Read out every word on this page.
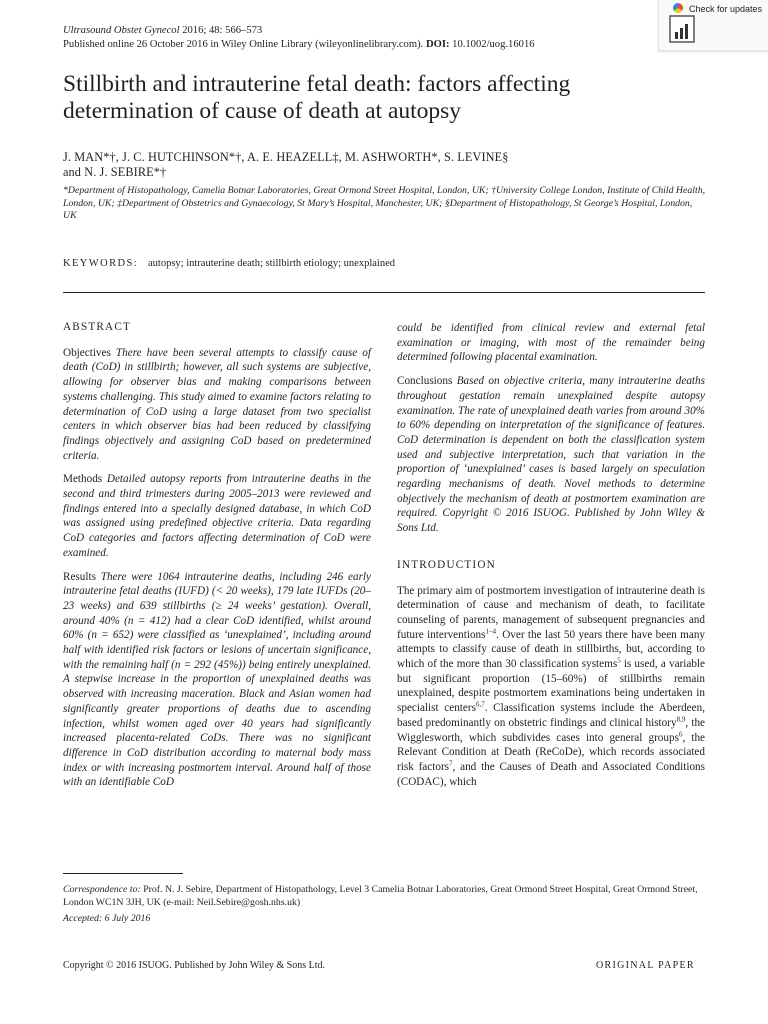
Ultrasound Obstet Gynecol 2016; 48: 566–573
Published online 26 October 2016 in Wiley Online Library (wileyonlinelibrary.com). DOI: 10.1002/uog.16016
Check for updates
Stillbirth and intrauterine fetal death: factors affecting
determination of cause of death at autopsy
J. MAN*†, J. C. HUTCHINSON*†, A. E. HEAZELL‡, M. ASHWORTH*, S. LEVINE§
and N. J. SEBIRE*†
*Department of Histopathology, Camelia Botnar Laboratories, Great Ormond Street Hospital, London, UK; †University College London, Institute of Child Health, London, UK; ‡Department of Obstetrics and Gynaecology, St Mary’s Hospital, Manchester, UK; §Department of Histopathology, St George’s Hospital, London, UK
KEYWORDS: autopsy; intrauterine death; stillbirth etiology; unexplained
ABSTRACT

Objectives There have been several attempts to classify cause of death (CoD) in stillbirth; however, all such systems are subjective, allowing for observer bias and making comparisons between systems challenging. This study aimed to examine factors relating to determination of CoD using a large dataset from two specialist centers in which observer bias had been reduced by classifying findings objectively and assigning CoD based on predetermined criteria.

Methods Detailed autopsy reports from intrauterine deaths in the second and third trimesters during 2005–2013 were reviewed and findings entered into a specially designed database, in which CoD was assigned using predefined objective criteria. Data regarding CoD categories and factors affecting determination of CoD were examined.

Results There were 1064 intrauterine deaths, including 246 early intrauterine fetal deaths (IUFD) (< 20 weeks), 179 late IUFDs (20–23 weeks) and 639 stillbirths (≥ 24 weeks’ gestation). Overall, around 40% (n = 412) had a clear CoD identified, whilst around 60% (n = 652) were classified as ‘unexplained’, including around half with identified risk factors or lesions of uncertain significance, with the remaining half (n = 292 (45%)) being entirely unexplained. A stepwise increase in the proportion of unexplained deaths was observed with increasing maceration. Black and Asian women had significantly greater proportions of deaths due to ascending infection, whilst women aged over 40 years had significantly increased placenta-related CoDs. There was no significant difference in CoD distribution according to maternal body mass index or with increasing postmortem interval. Around half of those with an identifiable CoD

could be identified from clinical review and external fetal examination or imaging, with most of the remainder being determined following placental examination.

Conclusions Based on objective criteria, many intrauterine deaths throughout gestation remain unexplained despite autopsy examination. The rate of unexplained death varies from around 30% to 60% depending on interpretation of the significance of features. CoD determination is dependent on both the classification system used and subjective interpretation, such that variation in the proportion of ‘unexplained’ cases is based largely on speculation regarding mechanisms of death. Novel methods to determine objectively the mechanism of death at postmortem examination are required. Copyright © 2016 ISUOG. Published by John Wiley & Sons Ltd.

INTRODUCTION

The primary aim of postmortem investigation of intrauterine death is determination of cause and mechanism of death, to facilitate counseling of parents, management of subsequent pregnancies and future interventions$^{1-4}$. Over the last 50 years there have been many attempts to classify cause of death in stillbirths, but, according to which of the more than 30 classification systems$^5$ is used, a variable but significant proportion (15–60%) of stillbirths remain unexplained, despite postmortem examinations being undertaken in specialist centers$^{6,7}$. Classification systems include the Aberdeen, based predominantly on obstetric findings and clinical history$^{8,9}$, the Wigglesworth, which subdivides cases into general groups$^6$, the Relevant Condition at Death (ReCoDe), which records associated risk factors$^7$, and the Causes of Death and Associated Conditions (CODAC), which

Correspondence to: Prof. N. J. Sebire, Department of Histopathology, Level 3 Camelia Botnar Laboratories, Great Ormond Street Hospital, Great Ormond Street, London WC1N 3JH, UK (e-mail: Neil.Sebire@gosh.nhs.uk)
Accepted: 6 July 2016
Copyright © 2016 ISUOG. Published by John Wiley & Sons Ltd.	ORIGINAL PAPER
